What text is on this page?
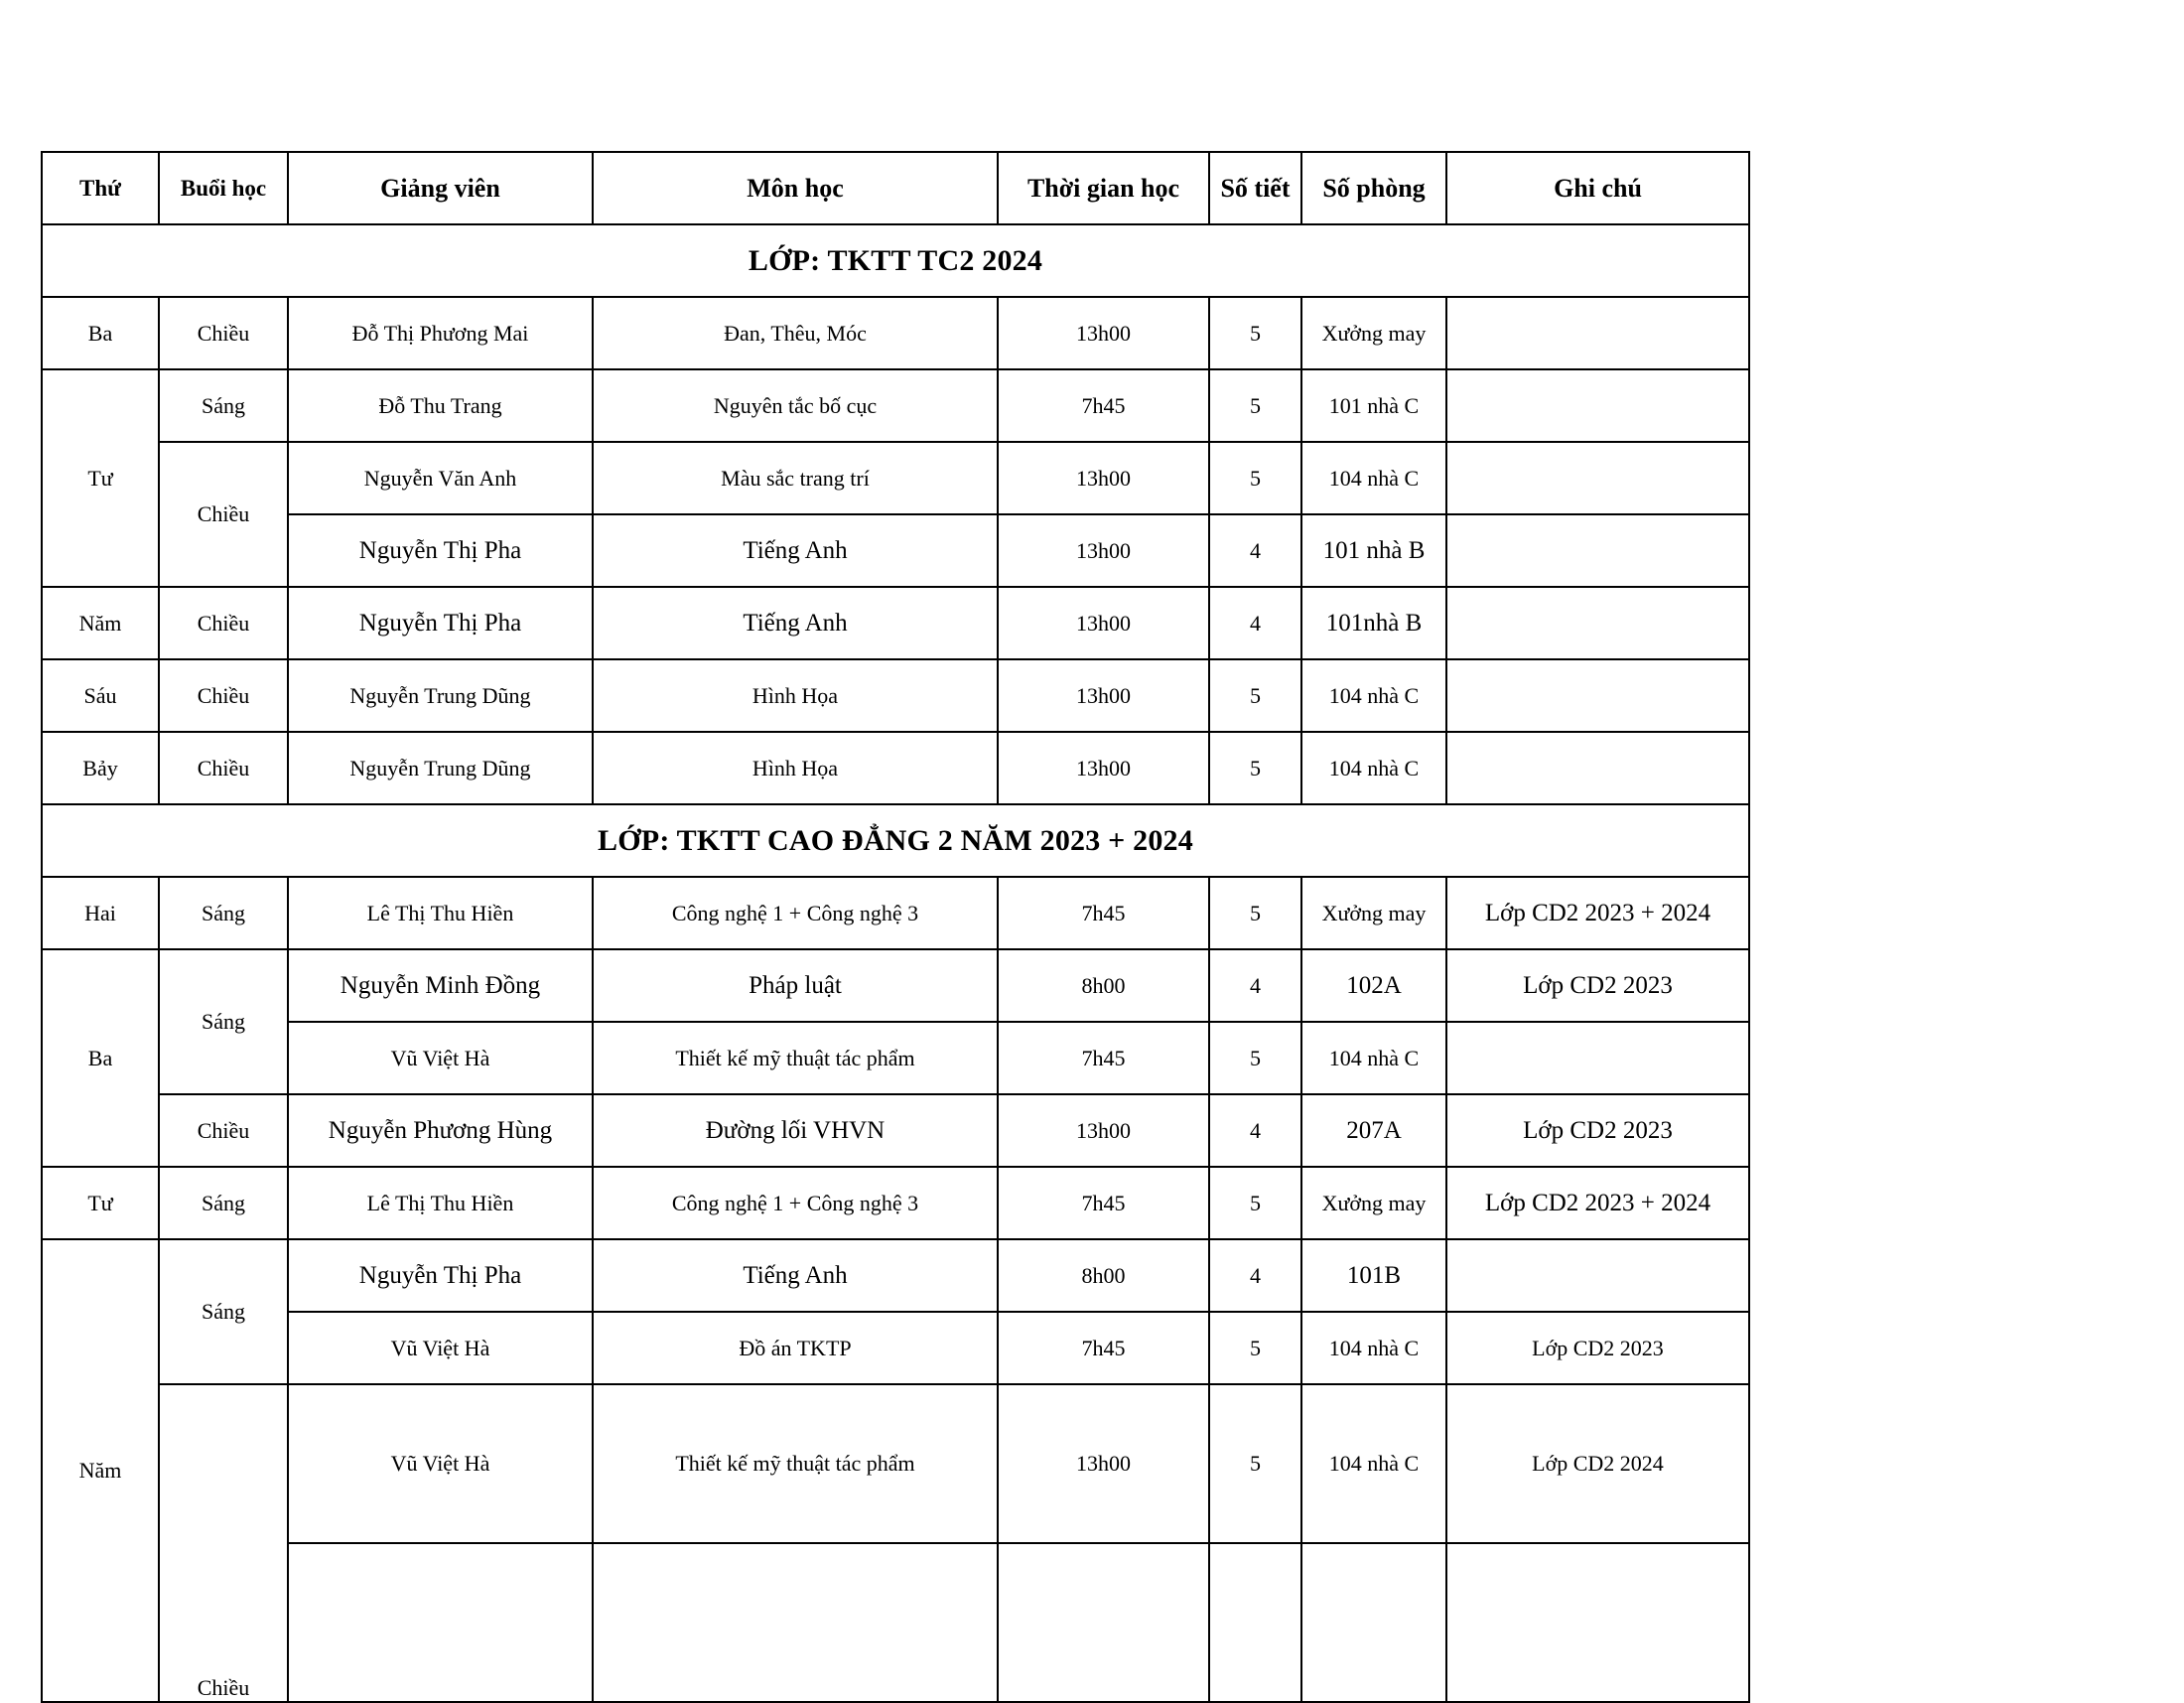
Thứ	Buổi học	Giảng viên	Môn học	Thời gian học	Số tiết	Số phòng	Ghi chú
LỚP: TKTT TC2 2024							
Ba	Chiều	Đỗ Thị Phương Mai	Đan, Thêu, Móc	13h00	5	Xưởng may	
Tư	Sáng	Đỗ Thu Trang	Nguyên tắc bố cục	7h45	5	101 nhà C	
	Chiều	Nguyễn Văn Anh	Màu sắc trang trí	13h00	5	104 nhà C	
		Nguyễn Thị Pha	Tiếng Anh	13h00	4	101 nhà B	
Năm	Chiều	Nguyễn Thị Pha	Tiếng Anh	13h00	4	101nhà B	
Sáu	Chiều	Nguyễn Trung Dũng	Hình Họa	13h00	5	104 nhà C	
Bảy	Chiều	Nguyễn Trung Dũng	Hình Họa	13h00	5	104 nhà C	
LỚP: TKTT CAO ĐẲNG 2 NĂM 2023 + 2024							
Hai	Sáng	Lê Thị Thu Hiền	Công nghệ 1 + Công nghệ 3	7h45	5	Xưởng may	Lớp CD2 2023 + 2024
Ba	Sáng	Nguyễn Minh Đồng	Pháp luật	8h00	4	102A	Lớp CD2 2023
		Vũ Việt Hà	Thiết kế mỹ thuật tác phẩm	7h45	5	104 nhà C	
	Chiều	Nguyễn Phương Hùng	Đường lối VHVN	13h00	4	207A	Lớp CD2 2023
Tư	Sáng	Lê Thị Thu Hiền	Công nghệ 1 + Công nghệ 3	7h45	5	Xưởng may	Lớp CD2 2023 + 2024
Năm	Sáng	Nguyễn Thị Pha	Tiếng Anh	8h00	4	101B	
		Vũ Việt Hà	Đồ án TKTP	7h45	5	104 nhà C	Lớp CD2 2023

	Chiều	Vũ Việt Hà	Thiết kế mỹ thuật tác phẩm	13h00	5	104 nhà C	Lớp CD2 2024
